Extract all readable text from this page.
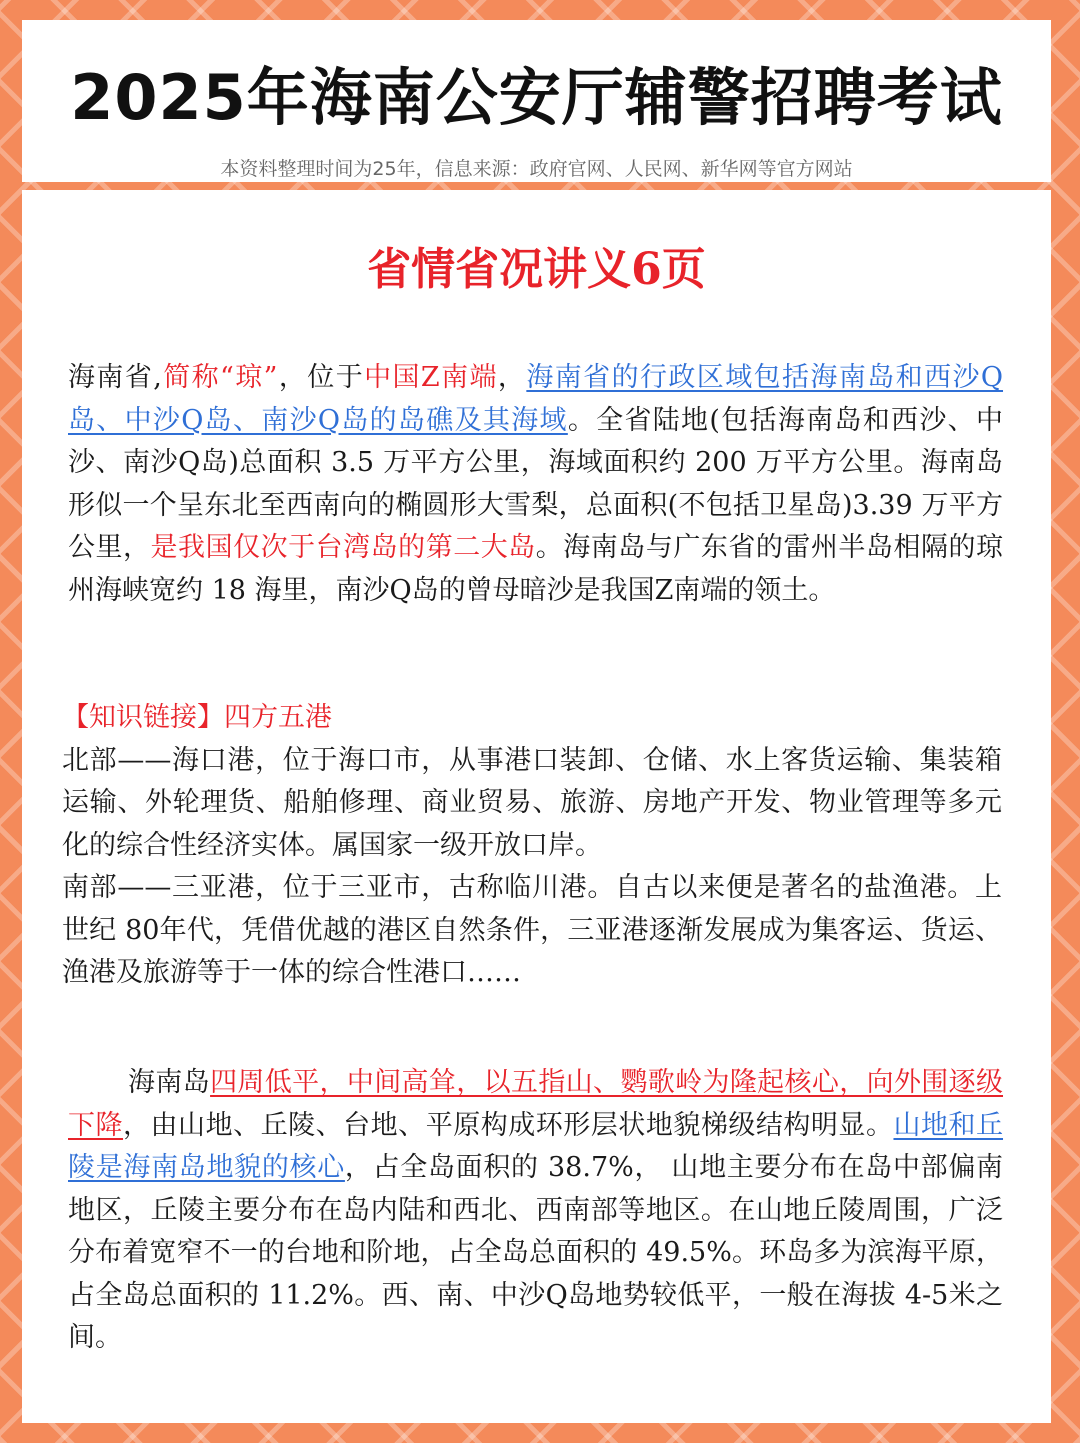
2025年海南公安厅辅警招聘考试
本资料整理时间为25年，信息来源：政府官网、人民网、新华网等官方网站
省情省况讲义6页

海南省,简称“琼”，位于中国Z南端，海南省的行政区域包括海南岛和西沙Q岛、中沙Q岛、南沙Q岛的岛礁及其海域。全省陆地(包括海南岛和西沙、中沙、南沙Q岛)总面积 3.5 万平方公里，海域面积约 200 万平方公里。海南岛形似一个呈东北至西南向的椭圆形大雪梨，总面积(不包括卫星岛)3.39 万平方公里，是我国仅次于台湾岛的第二大岛。海南岛与广东省的雷州半岛相隔的琼州海峡宽约 18 海里，南沙Q岛的曾母暗沙是我国Z南端的领土。

【知识链接】四方五港
北部——海口港，位于海口市，从事港口装卸、仓储、水上客货运输、集装箱运输、外轮理货、船舶修理、商业贸易、旅游、房地产开发、物业管理等多元化的综合性经济实体。属国家一级开放口岸。
南部——三亚港，位于三亚市，古称临川港。自古以来便是著名的盐渔港。上世纪 80年代，凭借优越的港区自然条件，三亚港逐渐发展成为集客运、货运、渔港及旅游等于一体的综合性港口……

海南岛四周低平，中间高耸，以五指山、鹦歌岭为隆起核心，向外围逐级下降，由山地、丘陵、台地、平原构成环形层状地貌梯级结构明显。山地和丘陵是海南岛地貌的核心，占全岛面积的 38.7%， 山地主要分布在岛中部偏南地区，丘陵主要分布在岛内陆和西北、西南部等地区。在山地丘陵周围，广泛分布着宽窄不一的台地和阶地，占全岛总面积的 49.5%。环岛多为滨海平原，占全岛总面积的 11.2%。西、南、中沙Q岛地势较低平，一般在海拔 4-5米之间。
